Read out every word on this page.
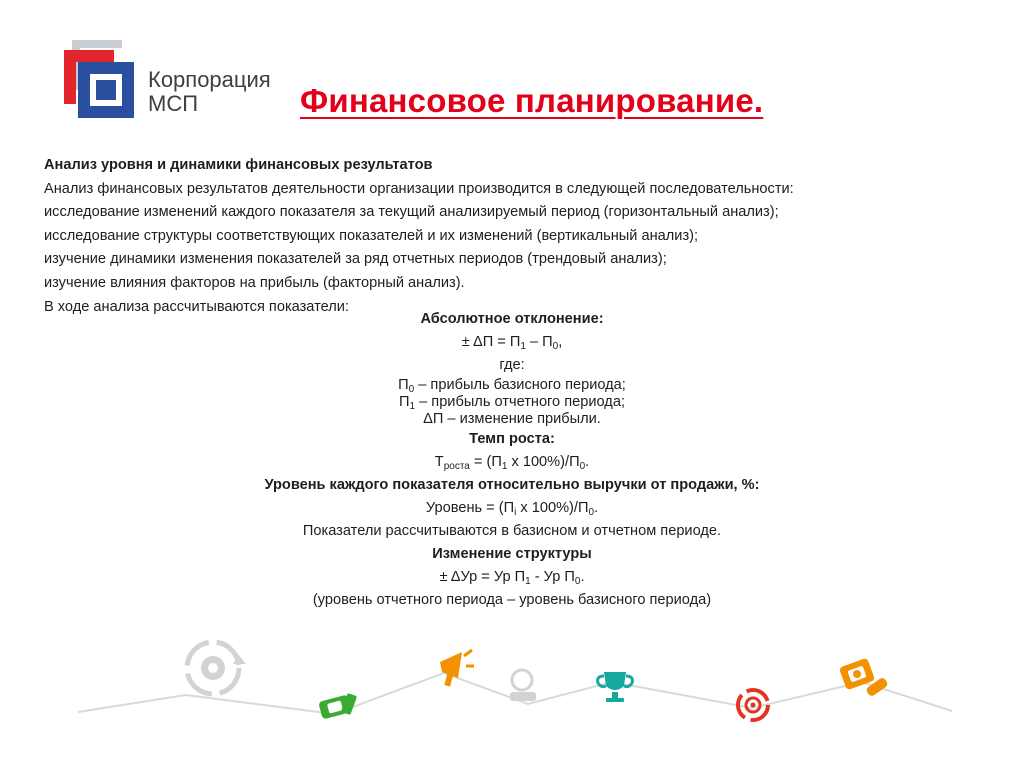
Корпорация
МСП	Финансовое планирование.
Анализ уровня и динамики финансовых результатов
Анализ финансовых результатов деятельности организации производится в следующей последовательности:
исследование изменений каждого показателя за текущий анализируемый период (горизонтальный анализ);
исследование структуры соответствующих показателей и их изменений (вертикальный анализ);
изучение динамики изменения показателей за ряд отчетных периодов (трендовый анализ);
изучение влияния факторов на прибыль (факторный анализ).
В ходе анализа рассчитываются показатели:
Абсолютное отклонение:
± $\Delta П = П_1 - П_0$,
где:
$П_0$ – прибыль базисного периода;
$П_1$ – прибыль отчетного периода;
ΔП – изменение прибыли.
Темп роста:
$Т_{роста} = (П_1$ х $100\%)/П_0$.
Уровень каждого показателя относительно выручки от продажи, %:
Уровень = ($П_i$ х $100\%)/П_0$.
Показатели рассчитываются в базисном и отчетном периоде.
Изменение структуры
± ΔУр = Ур $П_1$ - Ур $П_0$.
(уровень отчетного периода – уровень базисного периода)
